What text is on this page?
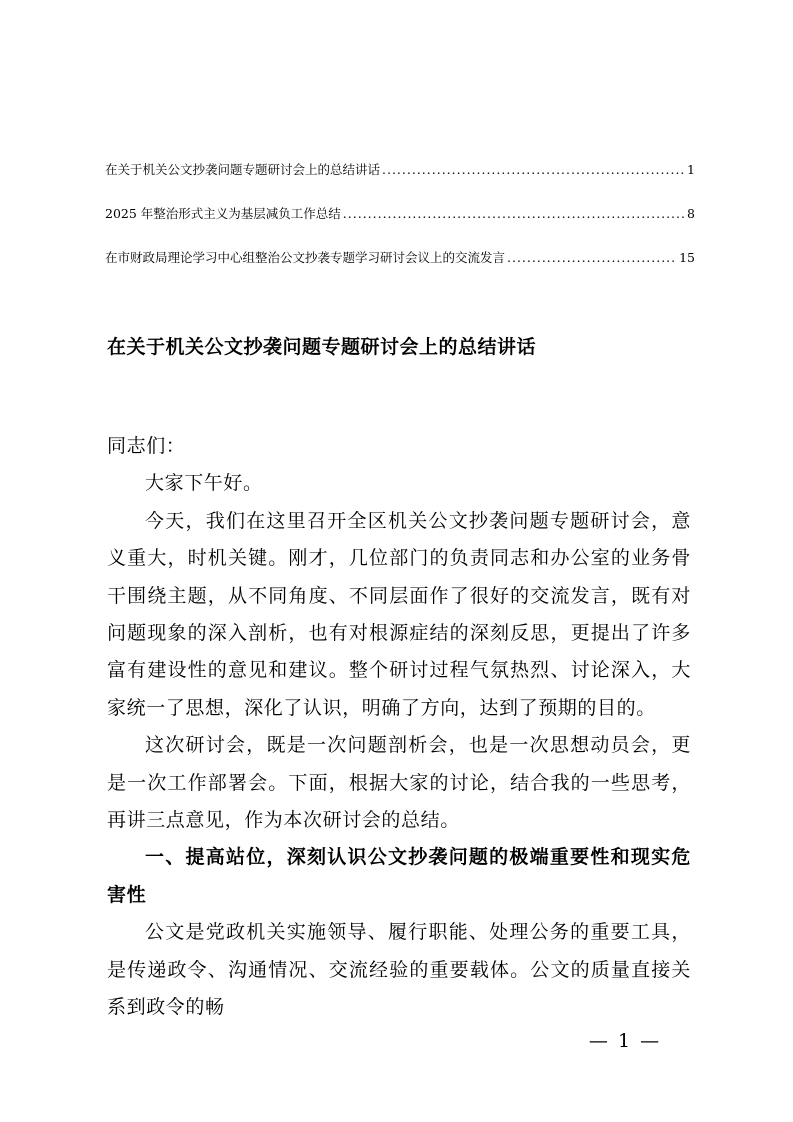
在关于机关公文抄袭问题专题研讨会上的总结讲话 .....	1
2025 年整治形式主义为基层减负工作总结 .....	8
在市财政局理论学习中心组整治公文抄袭专题学习研讨会议上的交流发言 .....	15
在关于机关公文抄袭问题专题研讨会上的总结讲话

同志们：

大家下午好。

今天，我们在这里召开全区机关公文抄袭问题专题研讨会，意义重大，时机关键。刚才，几位部门的负责同志和办公室的业务骨干围绕主题，从不同角度、不同层面作了很好的交流发言，既有对问题现象的深入剖析，也有对根源症结的深刻反思，更提出了许多富有建设性的意见和建议。整个研讨过程气氛热烈、讨论深入，大家统一了思想，深化了认识，明确了方向，达到了预期的目的。

这次研讨会，既是一次问题剖析会，也是一次思想动员会，更是一次工作部署会。下面，根据大家的讨论，结合我的一些思考，再讲三点意见，作为本次研讨会的总结。

一、提高站位，深刻认识公文抄袭问题的极端重要性和现实危害性

公文是党政机关实施领导、履行职能、处理公务的重要工具，是传递政令、沟通情况、交流经验的重要载体。公文的质量直接关系到政令的畅

— 1 —
